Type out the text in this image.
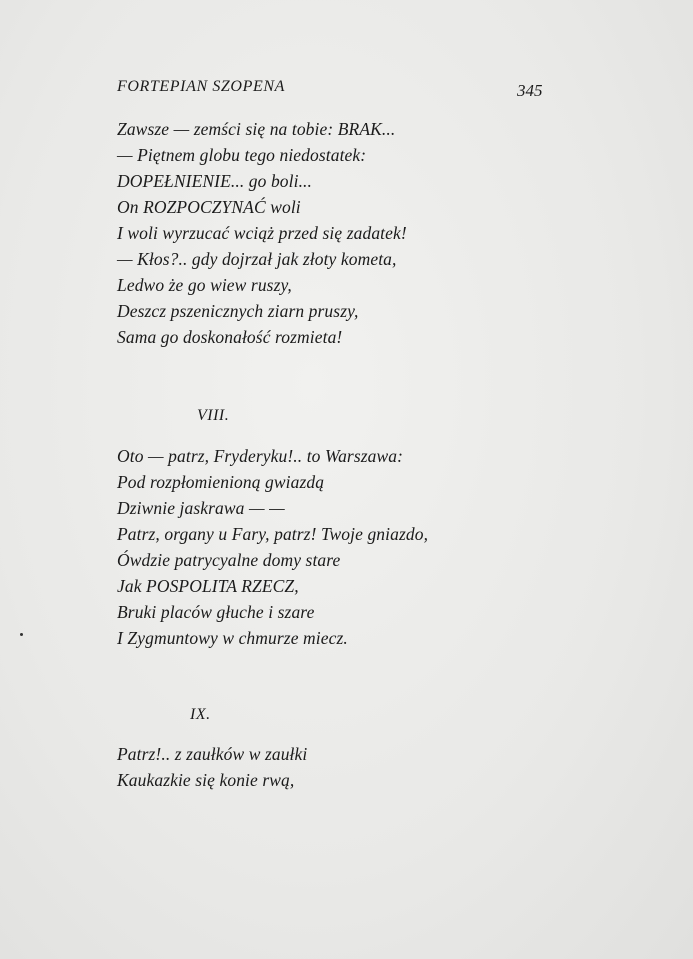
FORTEPIAN SZOPENA	345
Zawsze — zemści się na tobie: BRAK...
— Piętnem globu tego niedostatek:
DOPEŁNIENIE... go boli...
On ROZPOCZYNAĆ woli
I woli wyrzucać wciąż przed się zadatek!
— Kłos?.. gdy dojrzał jak złoty kometa,
Ledwo że go wiew ruszy,
Deszcz pszenicznych ziarn pruszy,
Sama go doskonałość rozmieta!
VIII.
Oto — patrz, Fryderyku!.. to Warszawa:
Pod rozpłomienioną gwiazdą
Dziwnie jaskrawa — —
Patrz, organy u Fary, patrz! Twoje gniazdo,
Ówdzie patrycyalne domy stare
Jak POSPOLITA RZECZ,
Bruki placów głuche i szare
I Zygmuntowy w chmurze miecz.
IX.
Patrz!.. z zaułków w zaułki
Kaukazkie się konie rwą,
